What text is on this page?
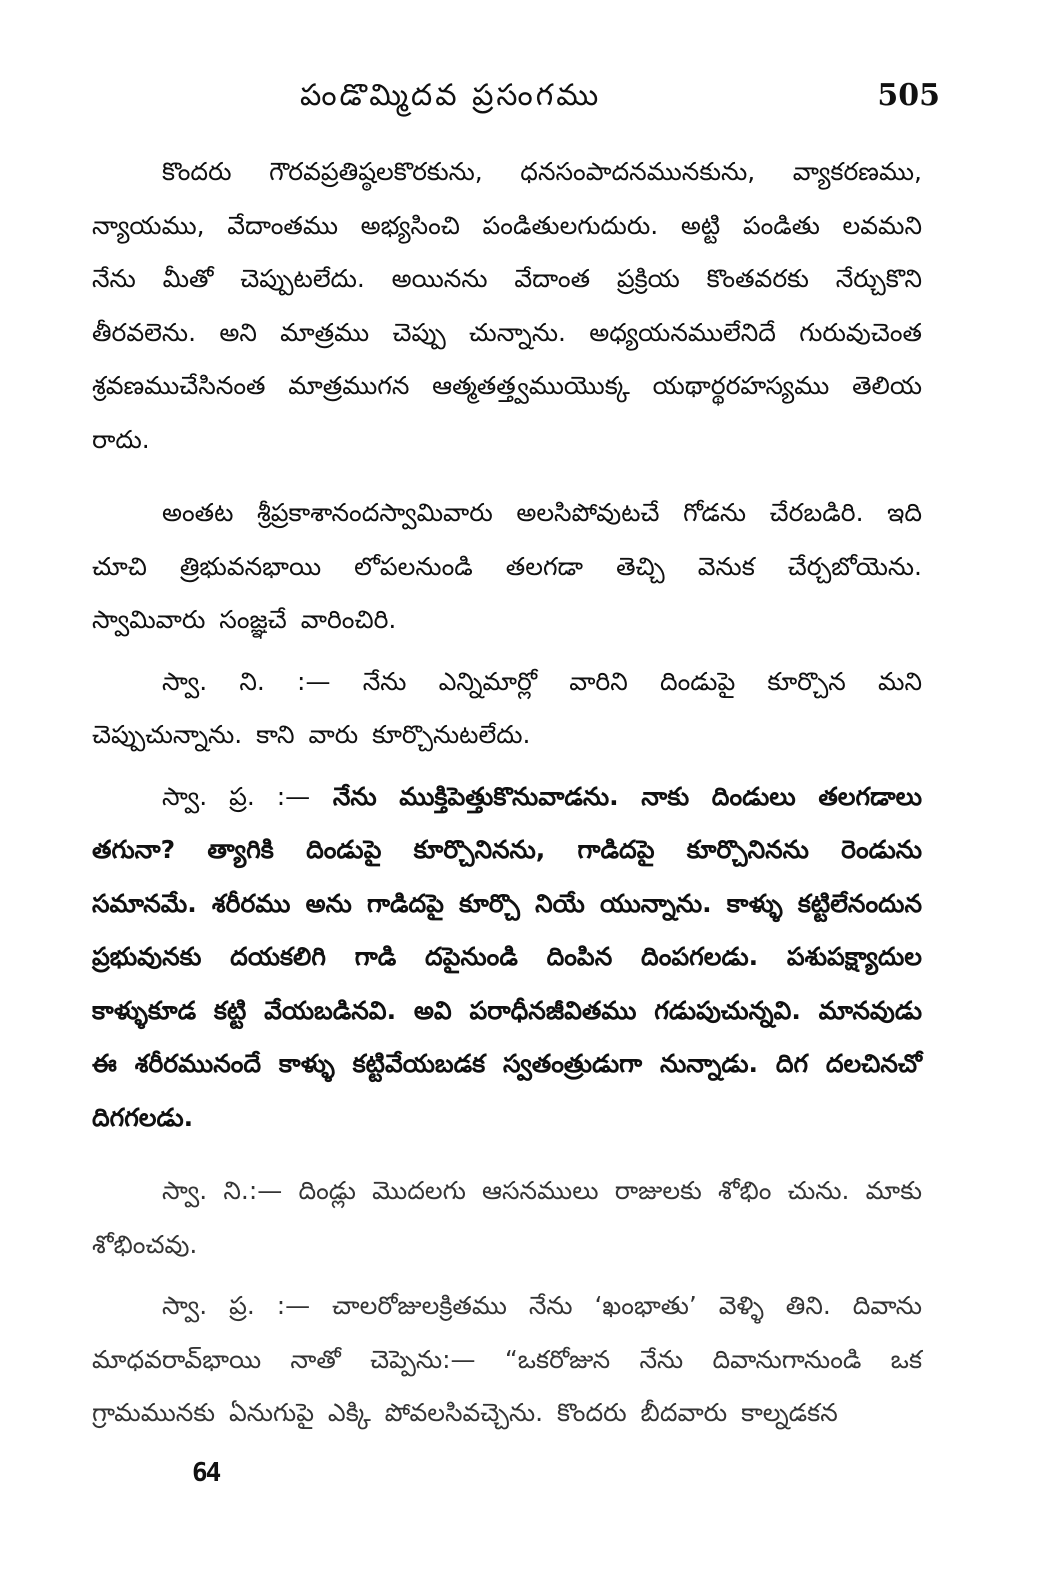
పండొమ్మిదవ ప్రసంగము	505

కొందరు గౌరవప్రతిష్ఠలకొరకును, ధనసంపాదనమునకును, వ్యాకరణము, న్యాయము, వేదాంతము అభ్యసించి పండితులగుదురు. అట్టి పండితు లవమని నేను మీతో చెప్పుటలేదు. అయినను వేదాంత ప్రక్రియ కొంతవరకు నేర్చుకొని తీరవలెను. అని మాత్రము చెప్పు చున్నాను. అధ్యయనములేనిదే గురువుచెంత శ్రవణముచేసినంత మాత్రముగన ఆత్మతత్త్వముయొక్క యథార్థరహస్యము తెలియ రాదు.

అంతట శ్రీప్రకాశానందస్వామివారు అలసిపోవుటచే గోడను చేరబడిరి. ఇది చూచి త్రిభువనభాయి లోపలనుండి తలగడా తెచ్చి వెనుక చేర్చబోయెను. స్వామివారు సంజ్ఞచే వారించిరి.

స్వా. ని. :— నేను ఎన్నిమార్లో వారిని దిండుపై కూర్చొన మని చెప్పుచున్నాను. కాని వారు కూర్చొనుటలేదు.

స్వా. ప్ర. :— నేను ముక్తిపెత్తుకొనువాడను. నాకు దిండులు తలగడాలు తగునా? త్యాగికి దిండుపై కూర్చొనినను, గాడిదపై కూర్చొనినను రెండును సమానమే. శరీరము అను గాడిదపై కూర్చొ నియే యున్నాను. కాళ్ళు కట్టిలేనందున ప్రభువునకు దయకలిగి గాడి దపైనుండి దింపిన దింపగలడు. పశుపక్ష్యాదుల కాళ్ళుకూడ కట్టి వేయబడినవి. అవి పరాధీనజీవితము గడుపుచున్నవి. మానవుడు ఈ శరీరమునందే కాళ్ళు కట్టివేయబడక స్వతంత్రుడుగా నున్నాడు. దిగ దలచినచో దిగగలడు.

స్వా. ని.:— దిండ్లు మొదలగు ఆసనములు రాజులకు శోభిం చును. మాకు శోభించవు.

స్వా. ప్ర. :— చాలరోజులక్రితము నేను ‘ఖంభాతు’ వెళ్ళి తిని. దివాను మాధవరావ్‌భాయి నాతో చెప్పెను:— “ఒకరోజున నేను దివానుగానుండి ఒక గ్రామమునకు ఏనుగుపై ఎక్కి పోవలసివచ్చెను. కొందరు బీదవారు కాల్నడకన

64
